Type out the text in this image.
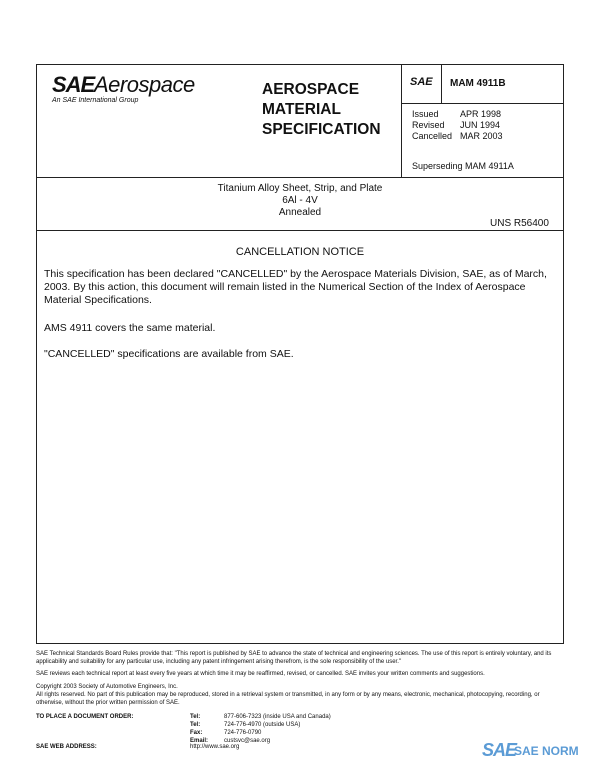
SAE Aerospace
An SAE International Group
AEROSPACE
MATERIAL
SPECIFICATION
SAE MAM 4911B
Issued	APR 1998
Revised	JUN 1994
Cancelled	MAR 2003
Superseding MAM 4911A
Titanium Alloy Sheet, Strip, and Plate
6Al - 4V
Annealed
UNS R56400
CANCELLATION NOTICE
This specification has been declared "CANCELLED" by the Aerospace Materials Division, SAE, as of March, 2003. By this action, this document will remain listed in the Numerical Section of the Index of Aerospace Material Specifications.
AMS 4911 covers the same material.
"CANCELLED" specifications are available from SAE.
SAE Technical Standards Board Rules provide that: "This report is published by SAE to advance the state of technical and engineering sciences. The use of this report is entirely voluntary, and its applicability and suitability for any particular use, including any patent infringement arising therefrom, is the sole responsibility of the user."
SAE reviews each technical report at least every five years at which time it may be reaffirmed, revised, or cancelled. SAE invites your written comments and suggestions.
Copyright 2003 Society of Automotive Engineers, Inc.
All rights reserved. No part of this publication may be reproduced, stored in a retrieval system or transmitted, in any form or by any means, electronic, mechanical, photocopying, recording, or otherwise, without the prior written permission of SAE.
TO PLACE A DOCUMENT ORDER:	Tel:	877-606-7323 (inside USA and Canada)
	Tel:	724-776-4970 (outside USA)
	Fax:	724-776-0790
	Email:	custsvc@sae.org
SAE WEB ADDRESS:	http://www.sae.org	SAE
SAE NORM
